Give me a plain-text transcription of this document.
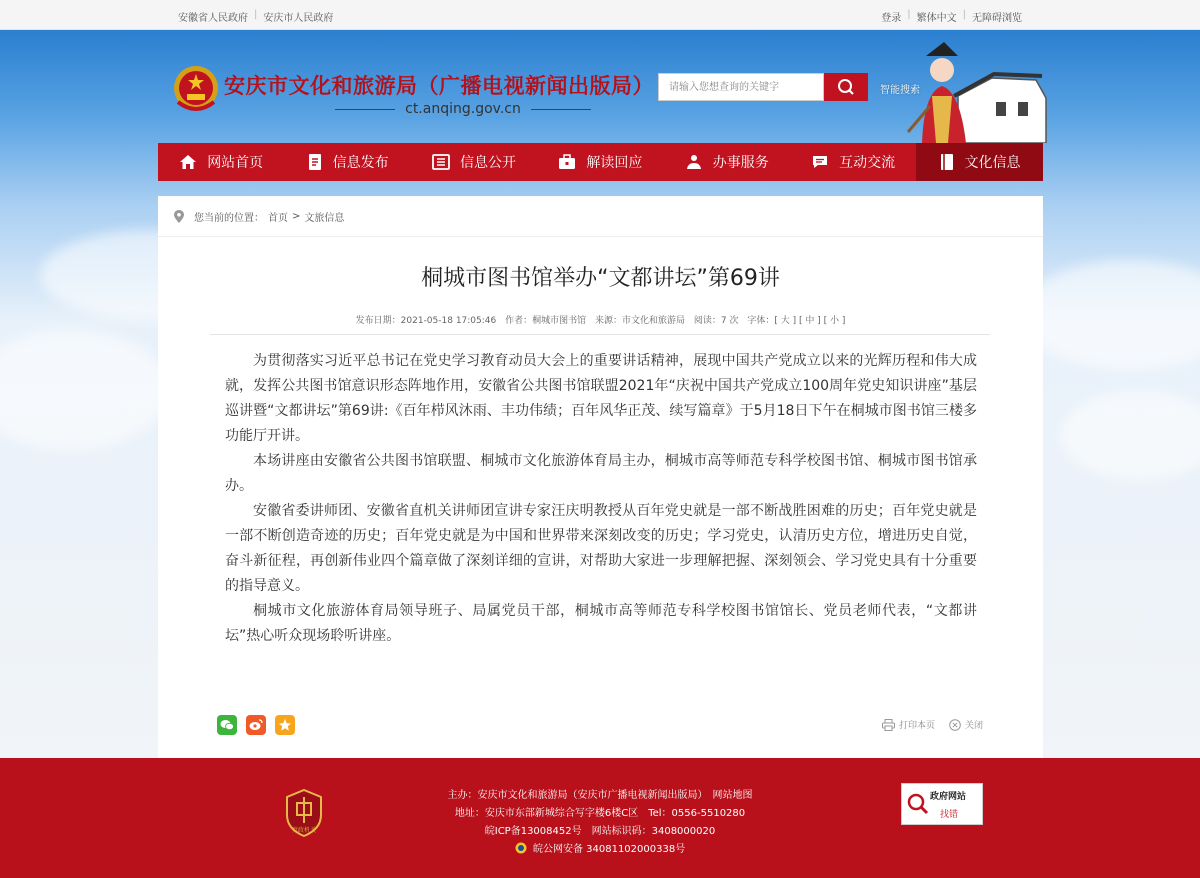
安徽省人民政府 | 安庆市人民政府	登录 | 繁体中文 | 无障碍浏览
安庆市文化和旅游局（广播电视新闻出版局）
ct.anqing.gov.cn
请输入您想查询的关键字	智能搜索
网站首页	信息发布	信息公开	解读回应	办事服务	互动交流	文化信息
您当前的位置： 首页 > 文旅信息
桐城市图书馆举办“文都讲坛”第69讲
发布日期：2021-05-18 17:05:46 作者：桐城市图书馆 来源：市文化和旅游局 阅读：7 次 字体：[ 大 ] [ 中 ] [ 小 ]

为贯彻落实习近平总书记在党史学习教育动员大会上的重要讲话精神，展现中国共产党成立以来的光辉历程和伟大成就，发挥公共图书馆意识形态阵地作用，安徽省公共图书馆联盟2021年“庆祝中国共产党成立100周年党史知识讲座”基层巡讲暨“文都讲坛”第69讲:《百年栉风沐雨、丰功伟绩；百年风华正茂、续写篇章》于5月18日下午在桐城市图书馆三楼多功能厅开讲。

本场讲座由安徽省公共图书馆联盟、桐城市文化旅游体育局主办，桐城市高等师范专科学校图书馆、桐城市图书馆承办。

安徽省委讲师团、安徽省直机关讲师团宣讲专家汪庆明教授从百年党史就是一部不断战胜困难的历史；百年党史就是一部不断创造奇迹的历史；百年党史就是为中国和世界带来深刻改变的历史；学习党史，认清历史方位，增进历史自觉，奋斗新征程，再创新伟业四个篇章做了深刻详细的宣讲，对帮助大家进一步理解把握、深刻领会、学习党史具有十分重要的指导意义。

桐城市文化旅游体育局领导班子、局属党员干部，桐城市高等师范专科学校图书馆馆长、党员老师代表，“文都讲坛”热心听众现场聆听讲座。

打印本页	关闭
党政机关
主办：安庆市文化和旅游局（安庆市广播电视新闻出版局）　网站地图
地址：安庆市东部新城综合写字楼6楼C区　Tel：0556-5510280
皖ICP备13008452号　网站标识码：3408000020
皖公网安备 34081102000338号
政府网站
找错
